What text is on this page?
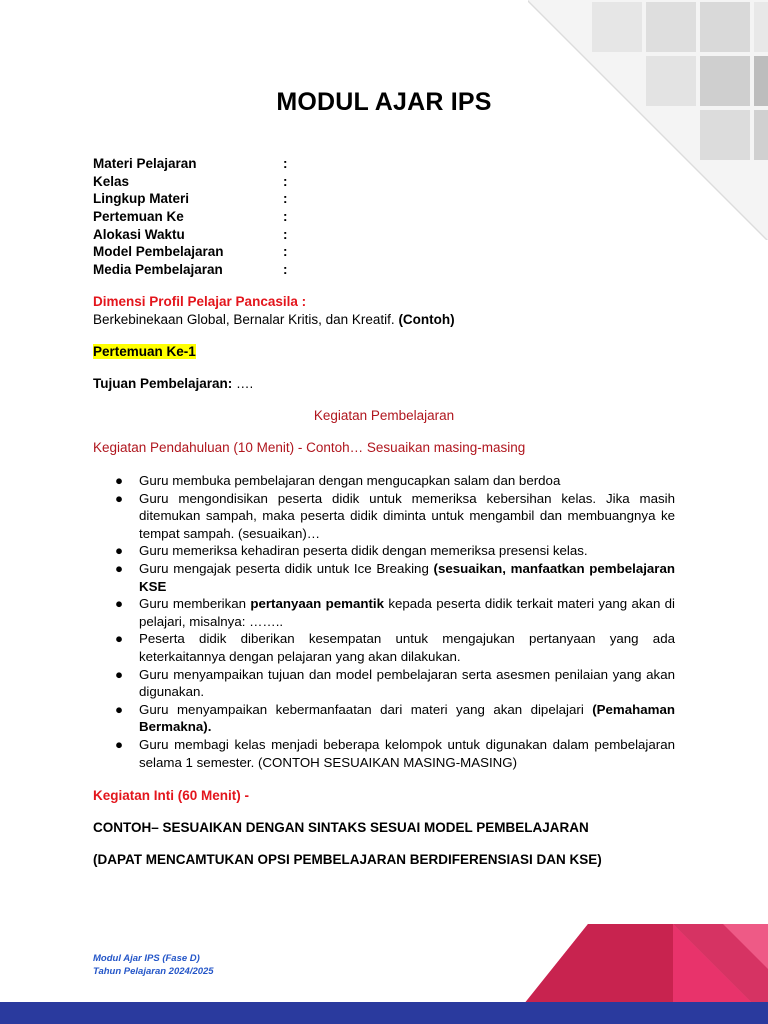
MODUL AJAR IPS
Materi Pelajaran	:
Kelas	:
Lingkup Materi	:
Pertemuan Ke	:
Alokasi Waktu	:
Model Pembelajaran	:
Media Pembelajaran	:
Dimensi Profil Pelajar Pancasila :
Berkebinekaan Global, Bernalar Kritis, dan Kreatif. (Contoh)
Pertemuan Ke-1
Tujuan Pembelajaran: ….
Kegiatan Pembelajaran
Kegiatan Pendahuluan (10 Menit) - Contoh… Sesuaikan masing-masing
● Guru membuka pembelajaran dengan mengucapkan salam dan berdoa
● Guru mengondisikan peserta didik untuk memeriksa kebersihan kelas. Jika masih ditemukan sampah, maka peserta didik diminta untuk mengambil dan membuangnya ke tempat sampah. (sesuaikan)…
● Guru memeriksa kehadiran peserta didik dengan memeriksa presensi kelas.
● Guru mengajak peserta didik untuk Ice Breaking (sesuaikan, manfaatkan pembelajaran KSE
● Guru memberikan pertanyaan pemantik kepada peserta didik terkait materi yang akan di pelajari, misalnya: ……..
● Peserta didik diberikan kesempatan untuk mengajukan pertanyaan yang ada keterkaitannya dengan pelajaran yang akan dilakukan.
● Guru menyampaikan tujuan dan model pembelajaran serta asesmen penilaian yang akan digunakan.
● Guru menyampaikan kebermanfaatan dari materi yang akan dipelajari (Pemahaman Bermakna).
● Guru membagi kelas menjadi beberapa kelompok untuk digunakan dalam pembelajaran selama 1 semester. (CONTOH SESUAIKAN MASING-MASING)
Kegiatan Inti (60 Menit) -
CONTOH– SESUAIKAN DENGAN SINTAKS SESUAI MODEL PEMBELAJARAN
(DAPAT MENCAMTUKAN OPSI PEMBELAJARAN BERDIFERENSIASI DAN KSE)
Modul Ajar IPS (Fase D)
Tahun Pelajaran 2024/2025
